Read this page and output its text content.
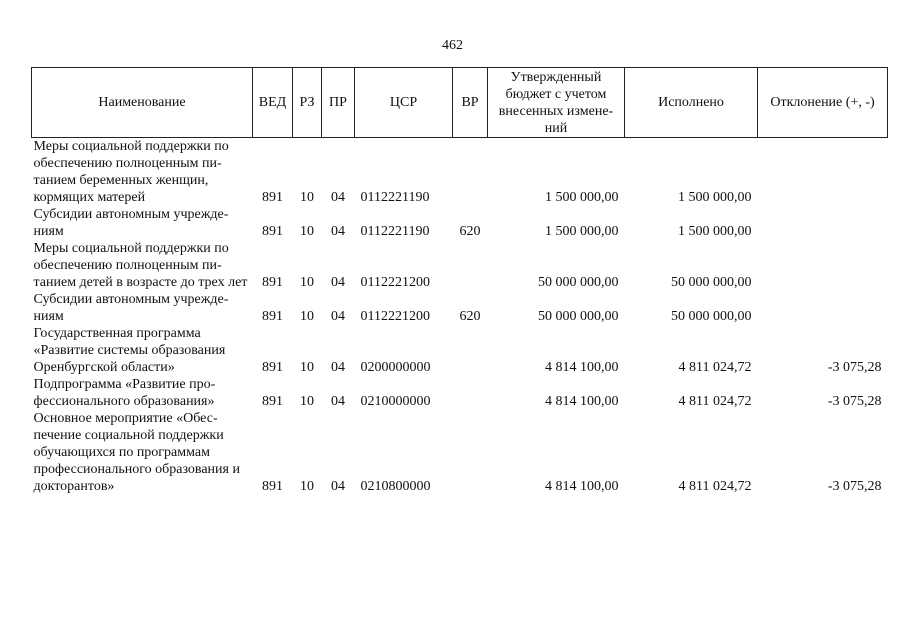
462
Наименование	ВЕД	РЗ	ПР	ЦСР	ВР	Утвержденный бюджет с учетом внесенных измене-ний	Исполнено	Отклонение (+, -)
Меры социальной поддержки по обеспечению полноценным пи-танием беременных женщин, кормящих матерей	891	10	04	0112221190		1 500 000,00	1 500 000,00	
Субсидии автономным учрежде-ниям	891	10	04	0112221190	620	1 500 000,00	1 500 000,00	
Меры социальной поддержки по обеспечению полноценным пи-танием детей в возрасте до трех лет	891	10	04	0112221200		50 000 000,00	50 000 000,00	
Субсидии автономным учрежде-ниям	891	10	04	0112221200	620	50 000 000,00	50 000 000,00	
Государственная программа «Развитие системы образования Оренбургской области»	891	10	04	0200000000		4 814 100,00	4 811 024,72	-3 075,28
Подпрограмма «Развитие про-фессионального образования»	891	10	04	0210000000		4 814 100,00	4 811 024,72	-3 075,28
Основное мероприятие «Обес-печение социальной поддержки обучающихся по программам профессионального образования и докторантов»	891	10	04	0210800000		4 814 100,00	4 811 024,72	-3 075,28
